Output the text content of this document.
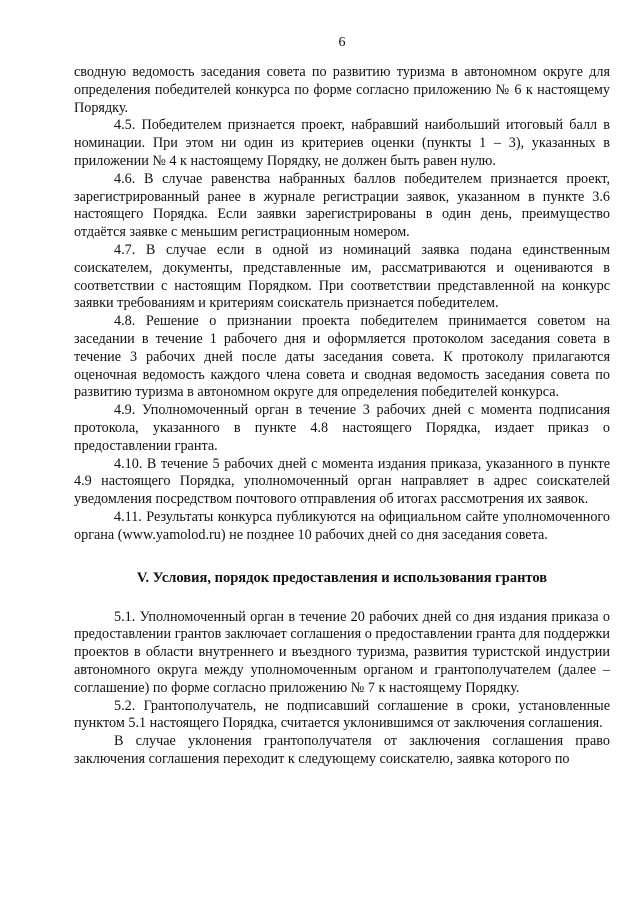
6

сводную ведомость заседания совета по развитию туризма в автономном округе для определения победителей конкурса по форме согласно приложению № 6 к настоящему Порядку.

4.5. Победителем признается проект, набравший наибольший итоговый балл в номинации. При этом ни один из критериев оценки (пункты 1 – 3), указанных в приложении № 4 к настоящему Порядку, не должен быть равен нулю.

4.6. В случае равенства набранных баллов победителем признается проект, зарегистрированный ранее в журнале регистрации заявок, указанном в пункте 3.6 настоящего Порядка. Если заявки зарегистрированы в один день, преимущество отдаётся заявке с меньшим регистрационным номером.

4.7. В случае если в одной из номинаций заявка подана единственным соискателем, документы, представленные им, рассматриваются и оцениваются в соответствии с настоящим Порядком. При соответствии представленной на конкурс заявки требованиям и критериям соискатель признается победителем.

4.8. Решение о признании проекта победителем принимается советом на заседании в течение 1 рабочего дня и оформляется протоколом заседания совета в течение 3 рабочих дней после даты заседания совета. К протоколу прилагаются оценочная ведомость каждого члена совета и сводная ведомость заседания совета по развитию туризма в автономном округе для определения победителей конкурса.

4.9. Уполномоченный орган в течение 3 рабочих дней с момента подписания протокола, указанного в пункте 4.8 настоящего Порядка, издает приказ о предоставлении гранта.

4.10. В течение 5 рабочих дней с момента издания приказа, указанного в пункте 4.9 настоящего Порядка, уполномоченный орган направляет в адрес соискателей уведомления посредством почтового отправления об итогах рассмотрения их заявок.

4.11. Результаты конкурса публикуются на официальном сайте уполномоченного органа (www.yamolod.ru) не позднее 10 рабочих дней со дня заседания совета.

V. Условия, порядок предоставления и использования грантов

5.1. Уполномоченный орган в течение 20 рабочих дней со дня издания приказа о предоставлении грантов заключает соглашения о предоставлении гранта для поддержки проектов в области внутреннего и въездного туризма, развития туристской индустрии автономного округа между уполномоченным органом и грантополучателем (далее – соглашение) по форме согласно приложению № 7 к настоящему Порядку.

5.2. Грантополучатель, не подписавший соглашение в сроки, установленные пунктом 5.1 настоящего Порядка, считается уклонившимся от заключения соглашения.

В случае уклонения грантополучателя от заключения соглашения право заключения соглашения переходит к следующему соискателю, заявка которого по
